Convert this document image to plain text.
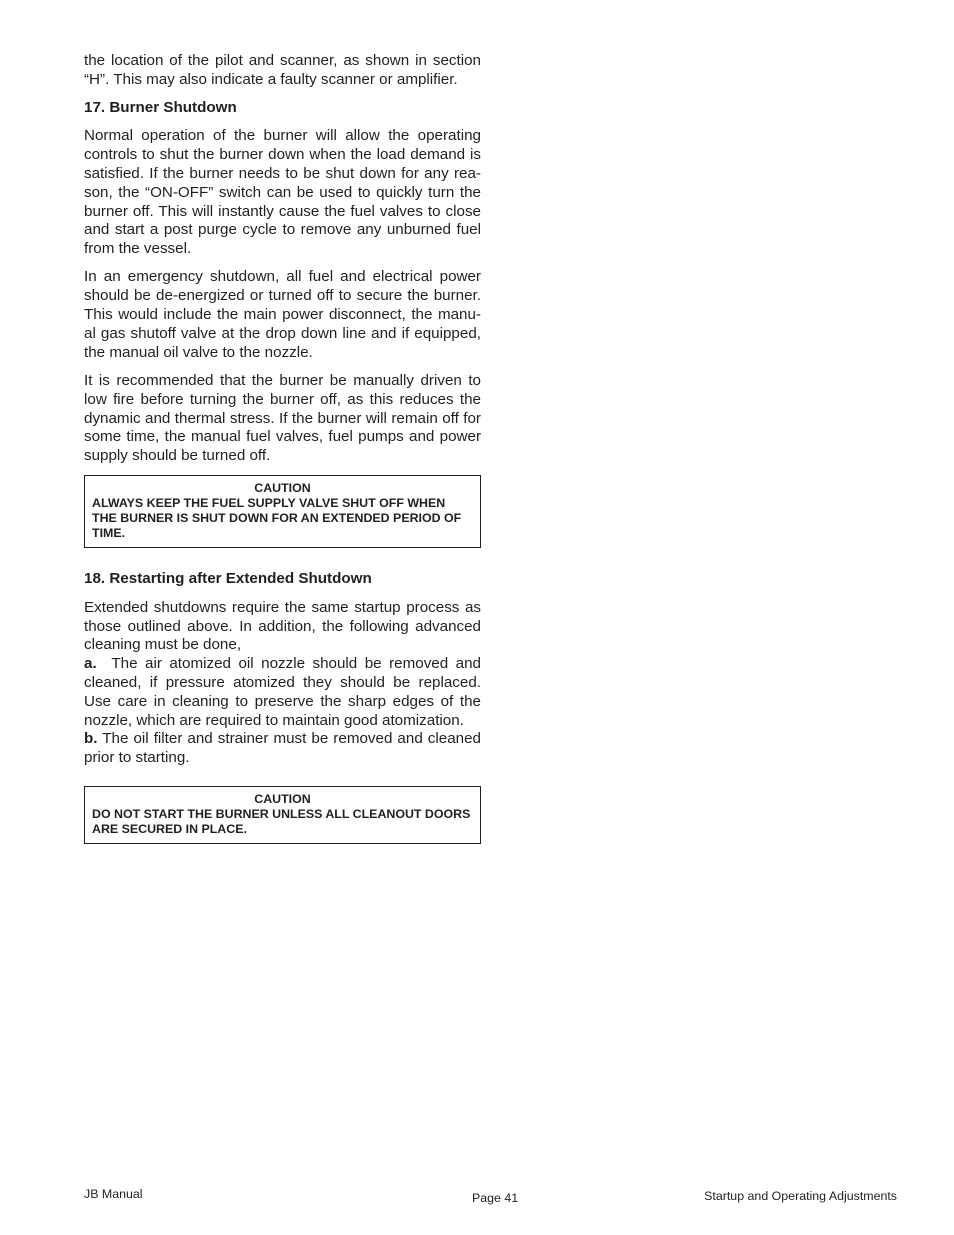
the location of the pilot and scanner, as shown in section “H”. This may also indicate a faulty scanner or amplifier.

17. Burner Shutdown

Normal operation of the burner will allow the operating controls to shut the burner down when the load demand is satisfied. If the burner needs to be shut down for any rea-son, the “ON-OFF” switch can be used to quickly turn the burner off. This will instantly cause the fuel valves to close and start a post purge cycle to remove any unburned fuel from the vessel.

In an emergency shutdown, all fuel and electrical power should be de-energized or turned off to secure the burner. This would include the main power disconnect, the manu-al gas shutoff valve at the drop down line and if equipped, the manual oil valve to the nozzle.

It is recommended that the burner be manually driven to low fire before turning the burner off, as this reduces the dynamic and thermal stress. If the burner will remain off for some time, the manual fuel valves, fuel pumps and power supply should be turned off.

CAUTION
ALWAYS KEEP THE FUEL SUPPLY VALVE SHUT OFF WHEN THE BURNER IS SHUT DOWN FOR AN EXTENDED PERIOD OF TIME.
18. Restarting after Extended Shutdown

Extended shutdowns require the same startup process as those outlined above. In addition, the following advanced cleaning must be done,

a. The air atomized oil nozzle should be removed and cleaned, if pressure atomized they should be replaced. Use care in cleaning to preserve the sharp edges of the nozzle, which are required to maintain good atomization.

b. The oil filter and strainer must be removed and cleaned prior to starting.

CAUTION
DO NOT START THE BURNER UNLESS ALL CLEANOUT DOORS ARE SECURED IN PLACE.
JB Manual	Page 41	Startup and Operating Adjustments
